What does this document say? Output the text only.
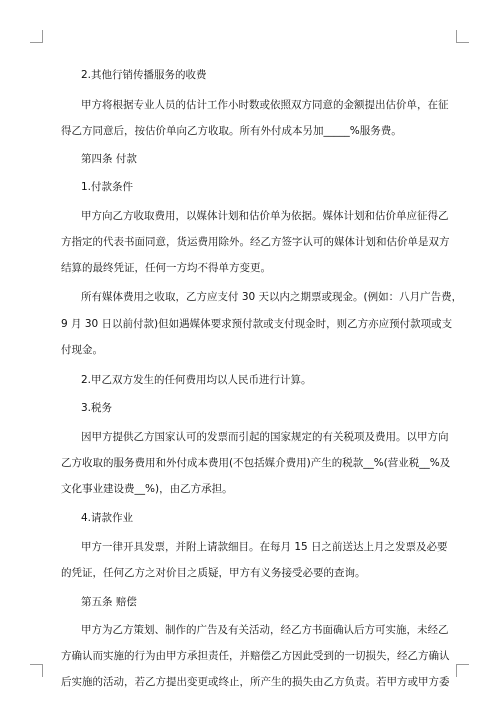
2.其他行销传播服务的收费
甲方将根据专业人员的估计工作小时数或依照双方同意的金额提出估价单，在征
得乙方同意后，按估价单向乙方收取。所有外付成本另加_____%服务费。
第四条 付款
1.付款条件
甲方向乙方收取费用，以媒体计划和估价单为依据。媒体计划和估价单应征得乙
方指定的代表书面同意，货运费用除外。经乙方签字认可的媒体计划和估价单是双方
结算的最终凭证，任何一方均不得单方变更。
所有媒体费用之收取，乙方应支付 30 天以内之期票或现金。(例如：八月广告费，
9 月 30 日以前付款)但如遇媒体要求预付款或支付现金时，则乙方亦应预付款项或支
付现金。
2.甲乙双方发生的任何费用均以人民币进行计算。
3.税务
因甲方提供乙方国家认可的发票而引起的国家规定的有关税项及费用。以甲方向
乙方收取的服务费用和外付成本费用(不包括媒介费用)产生的税款__%(营业税__%及
文化事业建设费__%)，由乙方承担。
4.请款作业
甲方一律开具发票，并附上请款细目。在每月 15 日之前送达上月之发票及必要
的凭证，任何乙方之对价目之质疑，甲方有义务接受必要的查询。
第五条 赔偿
甲方为乙方策划、制作的广告及有关活动，经乙方书面确认后方可实施，未经乙
方确认而实施的行为由甲方承担责任，并赔偿乙方因此受到的一切损失，经乙方确认
后实施的活动，若乙方提出变更或终止，所产生的损失由乙方负责。若甲方或甲方委
